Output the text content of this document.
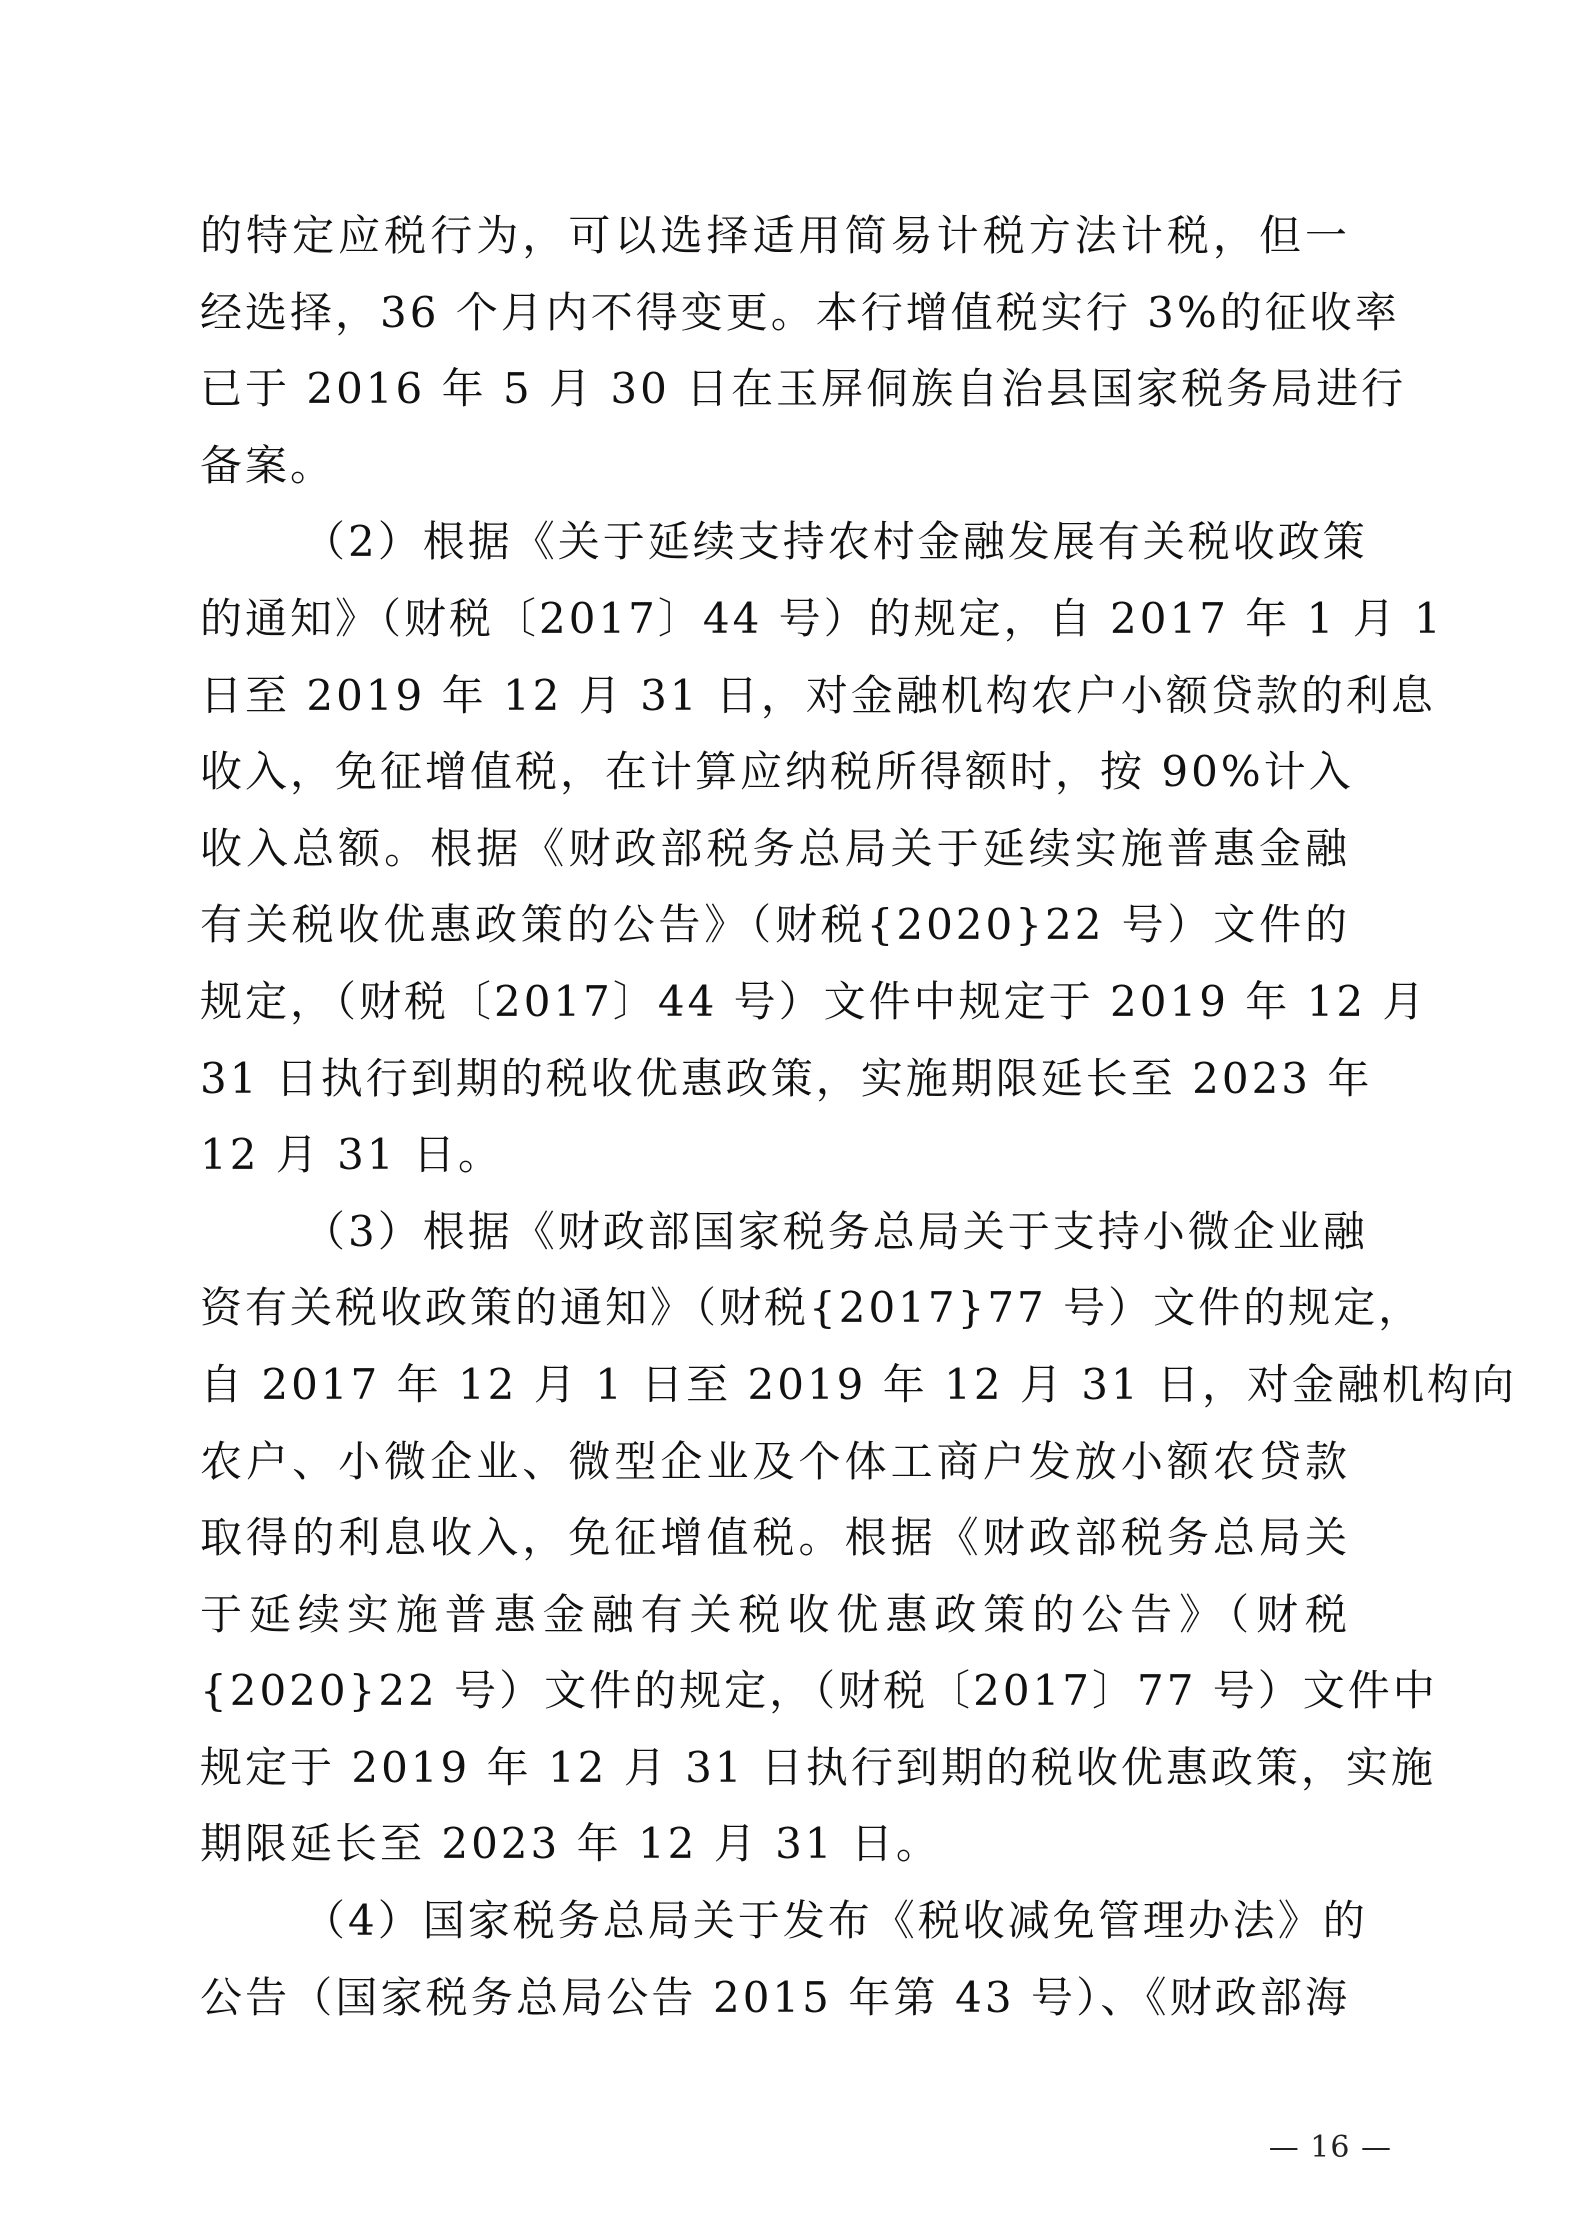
的特定应税行为，可以选择适用简易计税方法计税，但一
经选择，36 个月内不得变更。本行增值税实行 3%的征收率
已于 2016 年 5 月 30 日在玉屏侗族自治县国家税务局进行
备案。
（2）根据《关于延续支持农村金融发展有关税收政策
的通知》（财税〔2017〕44 号）的规定，自 2017 年 1 月 1
日至 2019 年 12 月 31 日，对金融机构农户小额贷款的利息
收入，免征增值税，在计算应纳税所得额时，按 90%计入
收入总额。根据《财政部税务总局关于延续实施普惠金融
有关税收优惠政策的公告》（财税{2020}22 号）文件的
规定，（财税〔2017〕44 号）文件中规定于 2019 年 12 月
31 日执行到期的税收优惠政策，实施期限延长至 2023 年
12 月 31 日。
（3）根据《财政部国家税务总局关于支持小微企业融
资有关税收政策的通知》（财税{2017}77 号）文件的规定，
自 2017 年 12 月 1 日至 2019 年 12 月 31 日，对金融机构向
农户、小微企业、微型企业及个体工商户发放小额农贷款
取得的利息收入，免征增值税。根据《财政部税务总局关
于延续实施普惠金融有关税收优惠政策的公告》（财税
{2020}22 号）文件的规定，（财税〔2017〕77 号）文件中
规定于 2019 年 12 月 31 日执行到期的税收优惠政策，实施
期限延长至 2023 年 12 月 31 日。
（4）国家税务总局关于发布《税收减免管理办法》的
公告（国家税务总局公告 2015 年第 43 号）、《财政部海
— 16 —
